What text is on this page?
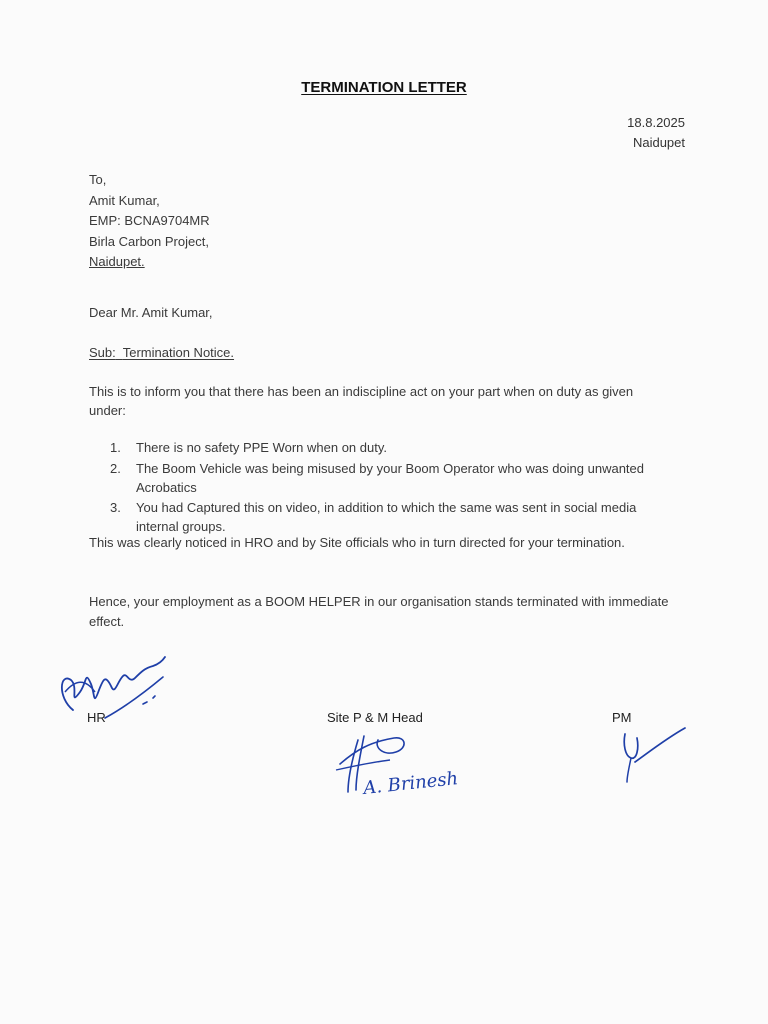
TERMINATION LETTER
18.8.2025
Naidupet
To,
Amit Kumar,
EMP: BCNA9704MR
Birla Carbon Project,
Naidupet.
Dear Mr. Amit Kumar,
Sub: Termination Notice.
This is to inform you that there has been an indiscipline act on your part when on duty as given under:
1.	There is no safety PPE Worn when on duty.
2.	The Boom Vehicle was being misused by your Boom Operator who was doing unwanted Acrobatics
3.	You had Captured this on video, in addition to which the same was sent in social media internal groups.
This was clearly noticed in HRO and by Site officials who in turn directed for your termination.
Hence, your employment as a BOOM HELPER in our organisation stands terminated with immediate effect.
HR	Site P & M Head
A. Brinesh
PM
